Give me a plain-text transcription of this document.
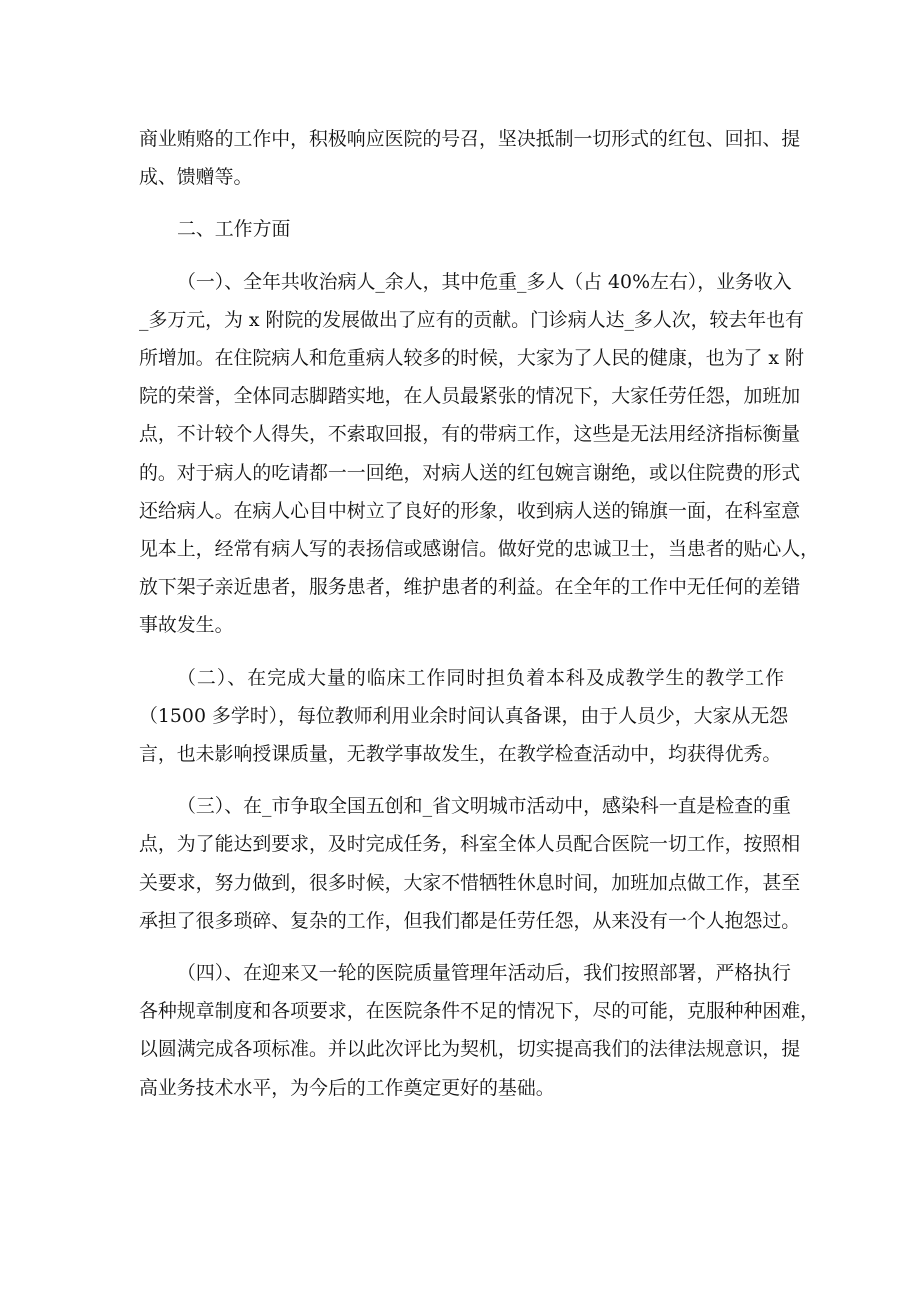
商业贿赂的工作中，积极响应医院的号召，坚决抵制一切形式的红包、回扣、提
成、馈赠等。
二、工作方面
（一）、全年共收治病人_余人，其中危重_多人（占 40%左右），业务收入
_多万元，为 x 附院的发展做出了应有的贡献。门诊病人达_多人次，较去年也有
所增加。在住院病人和危重病人较多的时候，大家为了人民的健康，也为了 x 附
院的荣誉，全体同志脚踏实地，在人员最紧张的情况下，大家任劳任怨，加班加
点，不计较个人得失，不索取回报，有的带病工作，这些是无法用经济指标衡量
的。对于病人的吃请都一一回绝，对病人送的红包婉言谢绝，或以住院费的形式
还给病人。在病人心目中树立了良好的形象，收到病人送的锦旗一面，在科室意
见本上，经常有病人写的表扬信或感谢信。做好党的忠诚卫士，当患者的贴心人，
放下架子亲近患者，服务患者，维护患者的利益。在全年的工作中无任何的差错
事故发生。
（二）、在完成大量的临床工作同时担负着本科及成教学生的教学工作
（1500 多学时），每位教师利用业余时间认真备课，由于人员少，大家从无怨
言，也未影响授课质量，无教学事故发生，在教学检查活动中，均获得优秀。
（三）、在_市争取全国五创和_省文明城市活动中，感染科一直是检查的重
点，为了能达到要求，及时完成任务，科室全体人员配合医院一切工作，按照相
关要求，努力做到，很多时候，大家不惜牺牲休息时间，加班加点做工作，甚至
承担了很多琐碎、复杂的工作，但我们都是任劳任怨，从来没有一个人抱怨过。
（四）、在迎来又一轮的医院质量管理年活动后，我们按照部署，严格执行
各种规章制度和各项要求，在医院条件不足的情况下，尽的可能，克服种种困难，
以圆满完成各项标准。并以此次评比为契机，切实提高我们的法律法规意识，提
高业务技术水平，为今后的工作奠定更好的基础。
